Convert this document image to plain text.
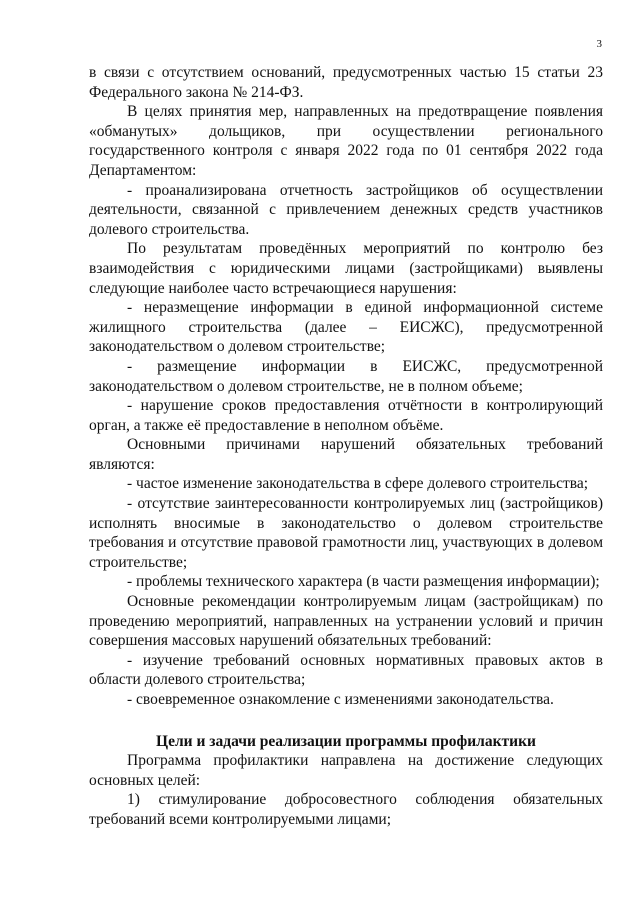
3

в связи с отсутствием оснований, предусмотренных частью 15 статьи 23 Федерального закона № 214-ФЗ.

В целях принятия мер, направленных на предотвращение появления «обманутых» дольщиков, при осуществлении регионального государственного контроля с января 2022 года по 01 сентября 2022 года Департаментом:

- проанализирована отчетность застройщиков об осуществлении деятельности, связанной с привлечением денежных средств участников долевого строительства.

По результатам проведённых мероприятий по контролю без взаимодействия с юридическими лицами (застройщиками) выявлены следующие наиболее часто встречающиеся нарушения:

- неразмещение информации в единой информационной системе жилищного строительства (далее – ЕИСЖС), предусмотренной законодательством о долевом строительстве;

- размещение информации в ЕИСЖС, предусмотренной законодательством о долевом строительстве, не в полном объеме;

- нарушение сроков предоставления отчётности в контролирующий орган, а также её предоставление в неполном объёме.

Основными причинами нарушений обязательных требований являются:

- частое изменение законодательства в сфере долевого строительства;

- отсутствие заинтересованности контролируемых лиц (застройщиков) исполнять вносимые в законодательство о долевом строительстве требования и отсутствие правовой грамотности лиц, участвующих в долевом строительстве;

- проблемы технического характера (в части размещения информации);

Основные рекомендации контролируемым лицам (застройщикам) по проведению мероприятий, направленных на устранении условий и причин совершения массовых нарушений обязательных требований:

- изучение требований основных нормативных правовых актов в области долевого строительства;

- своевременное ознакомление с изменениями законодательства.

Цели и задачи реализации программы профилактики

Программа профилактики направлена на достижение следующих основных целей:

1) стимулирование добросовестного соблюдения обязательных требований всеми контролируемыми лицами;
